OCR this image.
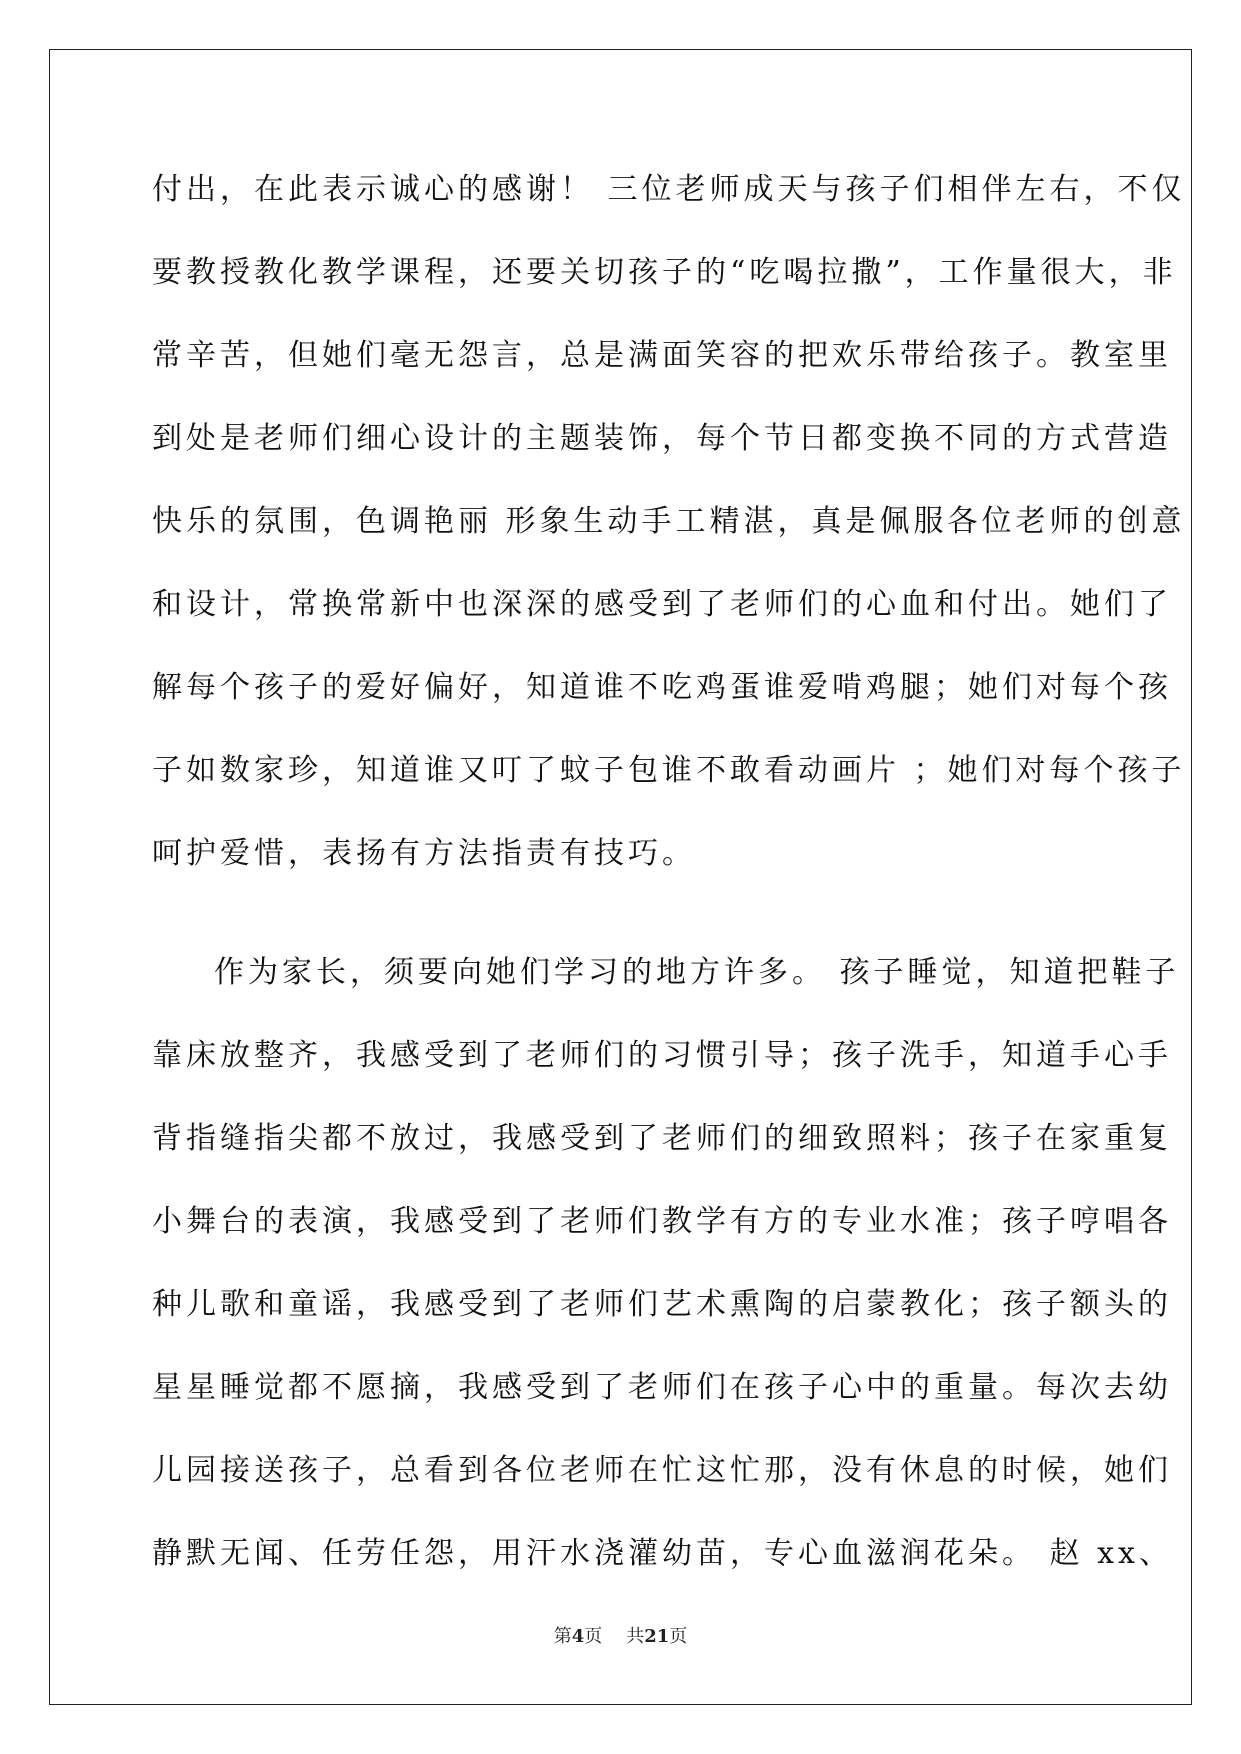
付出，在此表示诚心的感谢！ 三位老师成天与孩子们相伴左右，不仅
要教授教化教学课程，还要关切孩子的“吃喝拉撒”，工作量很大，非
常辛苦，但她们毫无怨言，总是满面笑容的把欢乐带给孩子。教室里
到处是老师们细心设计的主题装饰，每个节日都变换不同的方式营造
快乐的氛围，色调艳丽 形象生动手工精湛，真是佩服各位老师的创意
和设计，常换常新中也深深的感受到了老师们的心血和付出。她们了
解每个孩子的爱好偏好，知道谁不吃鸡蛋谁爱啃鸡腿；她们对每个孩
子如数家珍，知道谁又叮了蚊子包谁不敢看动画片 ；她们对每个孩子
呵护爱惜，表扬有方法指责有技巧。
作为家长，须要向她们学习的地方许多。 孩子睡觉，知道把鞋子
靠床放整齐，我感受到了老师们的习惯引导；孩子洗手，知道手心手
背指缝指尖都不放过，我感受到了老师们的细致照料；孩子在家重复
小舞台的表演，我感受到了老师们教学有方的专业水准；孩子哼唱各
种儿歌和童谣，我感受到了老师们艺术熏陶的启蒙教化；孩子额头的
星星睡觉都不愿摘，我感受到了老师们在孩子心中的重量。每次去幼
儿园接送孩子，总看到各位老师在忙这忙那，没有休息的时候，她们
静默无闻、任劳任怨，用汗水浇灌幼苗，专心血滋润花朵。 赵 xx、
第4页 共21页
